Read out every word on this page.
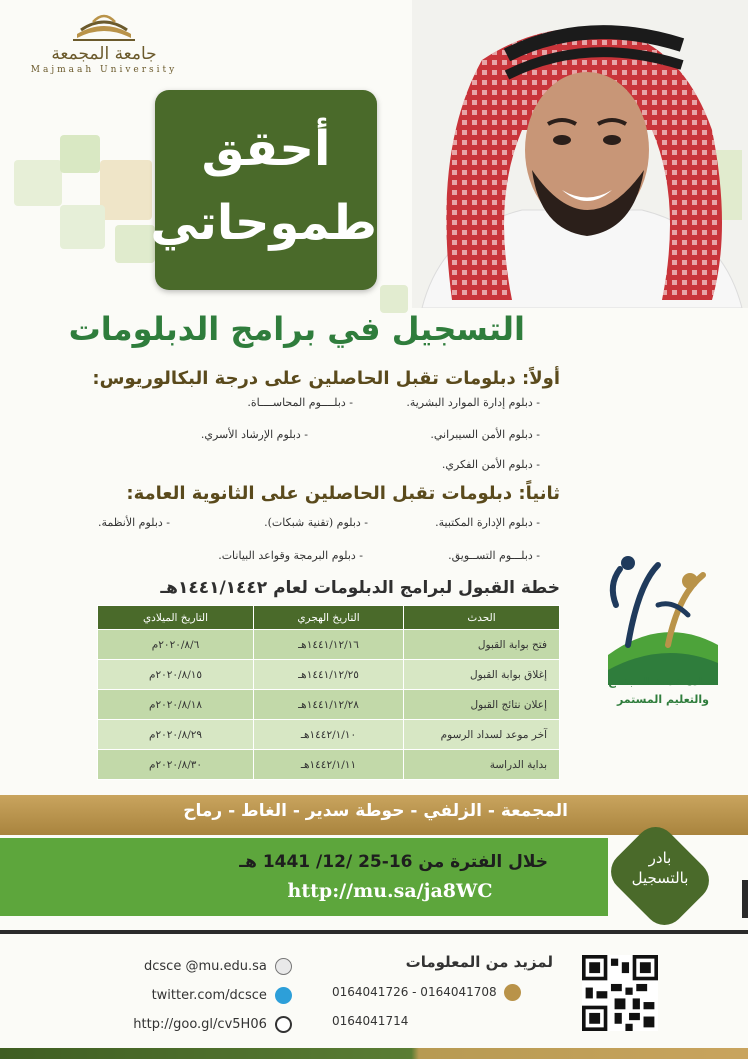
جامعة المجمعة
Majmaah University
أحقق
طموحاتي
التسجيل في برامج الدبلومات
أولاً: دبلومات تقبل الحاصلين على درجة البكالوريوس:
- دبلوم إدارة الموارد البشرية.
- دبلــــوم المحاســــاة.
- دبلوم الأمن السيبراني.
- دبلوم الإرشاد الأسري.
- دبلوم الأمن الفكري.
ثانياً: دبلومات تقبل الحاصلين على الثانوية العامة:
- دبلوم الإدارة المكتبية.
- دبلوم (تقنية شبكات).
- دبلوم الأنظمة.
- دبلـــوم التســويق.
- دبلوم البرمجة وقواعد البيانات.
خطة القبول لبرامج الدبلومات لعام ١٤٤١/١٤٤٢هـ
الحدث	التاريخ الهجري	التاريخ الميلادي
فتح بوابة القبول	١٤٤١/١٢/١٦هـ	٢٠٢٠/٨/٦م
إغلاق بوابة القبول	١٤٤١/١٢/٢٥هـ	٢٠٢٠/٨/١٥م
إعلان نتائج القبول	١٤٤١/١٢/٢٨هـ	٢٠٢٠/٨/١٨م
آخر موعد لسداد الرسوم	١٤٤٢/١/١٠هـ	٢٠٢٠/٨/٢٩م
بداية الدراسة	١٤٤٢/١/١١هـ	٢٠٢٠/٨/٣٠م
عمادة خدمة المجتمع
والتعليم المستمر
المجمعة - الزلفي - حوطة سدير - الغاط - رماح
خلال الفترة من 16-25 /12/ 1441 هـ
http://mu.sa/ja8WC
بادر
بالتسجيل
لمزيد من المعلومات
0164041726 - 0164041708
0164041714
dcsce @mu.edu.sa
twitter.com/dcsce
http://goo.gl/cv5H06
